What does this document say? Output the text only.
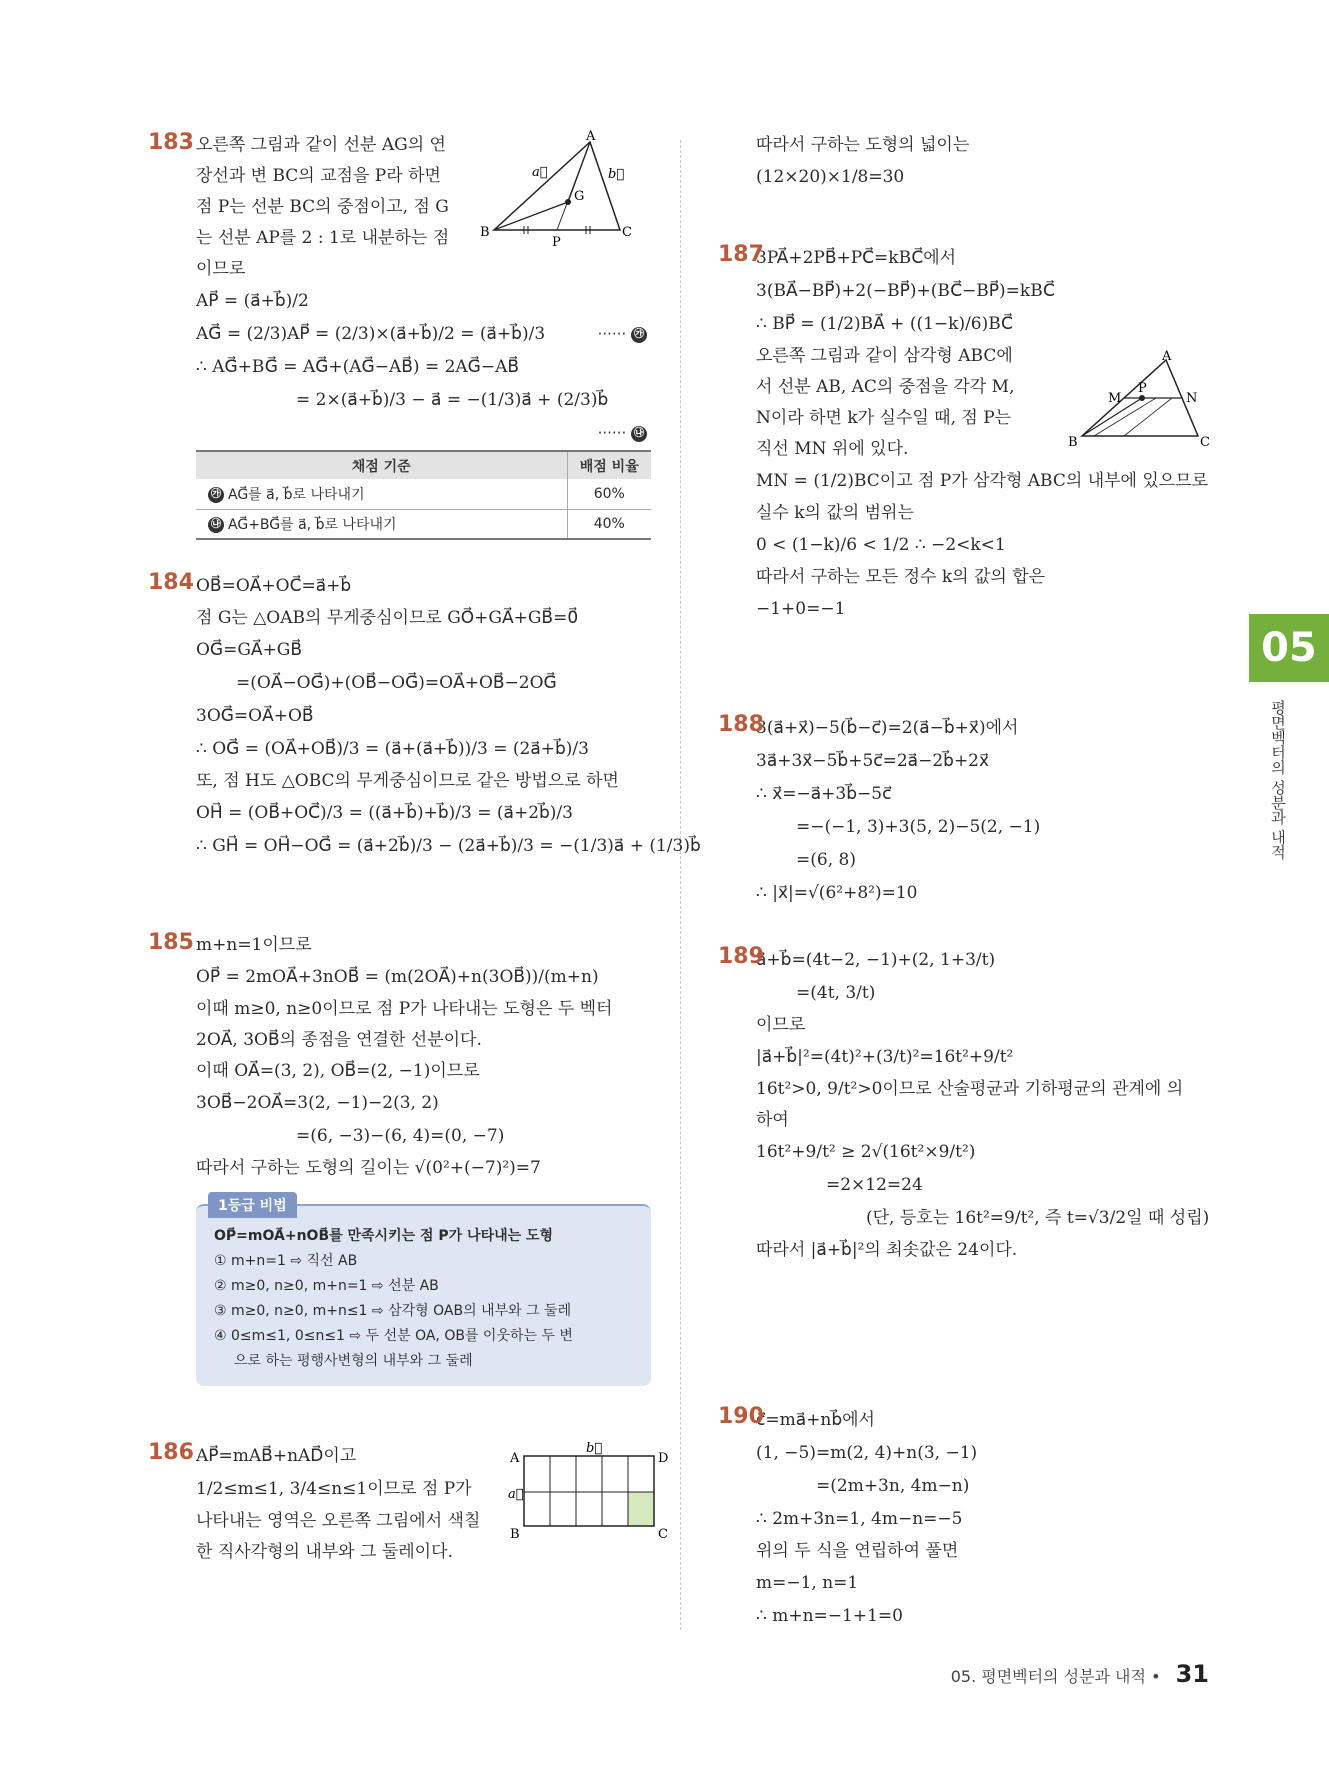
183 오른쪽 그림과 같이 선분 AG의 연
장선과 변 BC의 교점을 P라 하면
점 P는 선분 BC의 중점이고, 점 G
는 선분 AP를 2 : 1로 내분하는 점
이므로
AP⃗ = (a⃗+b⃗)/2
AG⃗ = (2/3)AP⃗ = (2/3)×(a⃗+b⃗)/2 = (a⃗+b⃗)/3	······ ㉮
∴ AG⃗+BG⃗ = AG⃗+(AG⃗−AB⃗) = 2AG⃗−AB⃗
= 2×(a⃗+b⃗)/3 − a⃗ = −(1/3)a⃗ + (2/3)b⃗
······ ㉯
채점 기준	배점 비율
㉮ AG⃗를 a⃗, b⃗로 나타내기	60%
㉯ AG⃗+BG⃗를 a⃗, b⃗로 나타내기	40%
A
B	C
G
P
a⃗	b⃗
184 OB⃗=OA⃗+OC⃗=a⃗+b⃗
점 G는 △OAB의 무게중심이므로 GO⃗+GA⃗+GB⃗=0⃗
OG⃗=GA⃗+GB⃗
=(OA⃗−OG⃗)+(OB⃗−OG⃗)=OA⃗+OB⃗−2OG⃗
3OG⃗=OA⃗+OB⃗
∴ OG⃗ = (OA⃗+OB⃗)/3 = (a⃗+(a⃗+b⃗))/3 = (2a⃗+b⃗)/3
또, 점 H도 △OBC의 무게중심이므로 같은 방법으로 하면
OH⃗ = (OB⃗+OC⃗)/3 = ((a⃗+b⃗)+b⃗)/3 = (a⃗+2b⃗)/3
∴ GH⃗ = OH⃗−OG⃗ = (a⃗+2b⃗)/3 − (2a⃗+b⃗)/3 = −(1/3)a⃗ + (1/3)b⃗
185 m+n=1이므로
OP⃗ = 2mOA⃗+3nOB⃗ = (m(2OA⃗)+n(3OB⃗))/(m+n)
이때 m≥0, n≥0이므로 점 P가 나타내는 도형은 두 벡터
2OA⃗, 3OB⃗의 종점을 연결한 선분이다.
이때 OA⃗=(3, 2), OB⃗=(2, −1)이므로
3OB⃗−2OA⃗=3(2, −1)−2(3, 2)
=(6, −3)−(6, 4)=(0, −7)
따라서 구하는 도형의 길이는 √(0²+(−7)²)=7
1등급 비법
OP⃗=mOA⃗+nOB⃗를 만족시키는 점 P가 나타내는 도형
① m+n=1 ⇨ 직선 AB
② m≥0, n≥0, m+n=1 ⇨ 선분 AB
③ m≥0, n≥0, m+n≤1 ⇨ 삼각형 OAB의 내부와 그 둘레
④ 0≤m≤1, 0≤n≤1 ⇨ 두 선분 OA, OB를 이웃하는 두 변
으로 하는 평행사변형의 내부와 그 둘레
186 AP⃗=mAB⃗+nAD⃗이고
1/2≤m≤1, 3/4≤n≤1이므로 점 P가
나타내는 영역은 오른쪽 그림에서 색칠
한 직사각형의 내부와 그 둘레이다.
A	D
B	C
b⃗
a⃗
따라서 구하는 도형의 넓이는
(12×20)×1/8=30
187
3PA⃗+2PB⃗+PC⃗=kBC⃗에서
3(BA⃗−BP⃗)+2(−BP⃗)+(BC⃗−BP⃗)=kBC⃗
∴ BP⃗ = (1/2)BA⃗ + ((1−k)/6)BC⃗
오른쪽 그림과 같이 삼각형 ABC에
서 선분 AB, AC의 중점을 각각 M,
N이라 하면 k가 실수일 때, 점 P는
직선 MN 위에 있다.
MN = (1/2)BC이고 점 P가 삼각형 ABC의 내부에 있으므로
실수 k의 값의 범위는
0 < (1−k)/6 < 1/2 ∴ −2<k<1
따라서 구하는 모든 정수 k의 값의 합은
−1+0=−1
A
B	C
M	N
P
188
3(a⃗+x⃗)−5(b⃗−c⃗)=2(a⃗−b⃗+x⃗)에서
3a⃗+3x⃗−5b⃗+5c⃗=2a⃗−2b⃗+2x⃗
∴ x⃗=−a⃗+3b⃗−5c⃗
=−(−1, 3)+3(5, 2)−5(2, −1)
=(6, 8)
∴ |x⃗|=√(6²+8²)=10
189
a⃗+b⃗=(4t−2, −1)+(2, 1+3/t)
=(4t, 3/t)
이므로
|a⃗+b⃗|²=(4t)²+(3/t)²=16t²+9/t²
16t²>0, 9/t²>0이므로 산술평균과 기하평균의 관계에 의
하여
16t²+9/t² ≥ 2√(16t²×9/t²)
=2×12=24
(단, 등호는 16t²=9/t², 즉 t=√3/2일 때 성립)
따라서 |a⃗+b⃗|²의 최솟값은 24이다.
190
c⃗=ma⃗+nb⃗에서
(1, −5)=m(2, 4)+n(3, −1)
=(2m+3n, 4m−n)
∴ 2m+3n=1, 4m−n=−5
위의 두 식을 연립하여 풀면
m=−1, n=1
∴ m+n=−1+1=0
05
평면벡터의 성분과 내적
05. 평면벡터의 성분과 내적 • 31
